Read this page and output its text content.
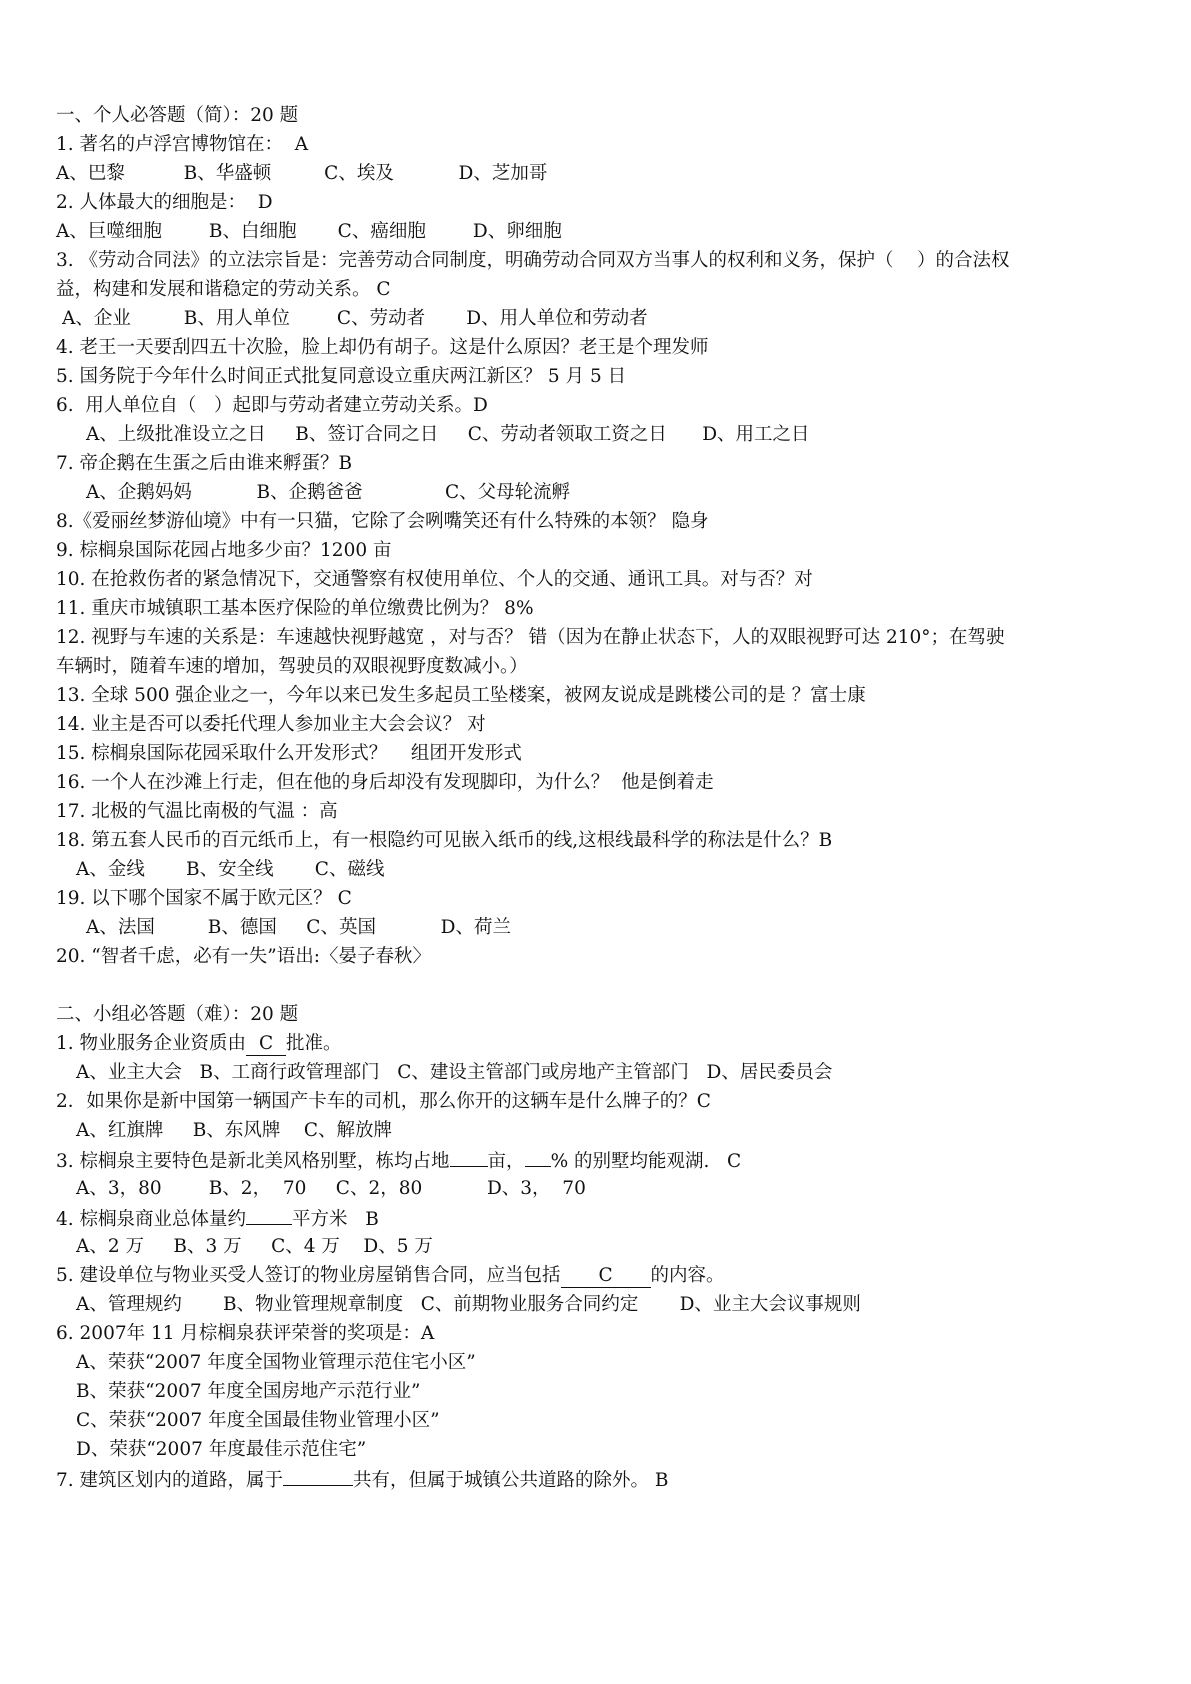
一、个人必答题（简）：20 题
1. 著名的卢浮宫博物馆在：  A
A、巴黎          B、华盛顿         C、埃及           D、芝加哥
2. 人体最大的细胞是：  D
A、巨噬细胞        B、白细胞       C、癌细胞        D、卵细胞
3. 《劳动合同法》的立法宗旨是：完善劳动合同制度，明确劳动合同双方当事人的权利和义务，保护（    ）的合法权
益，构建和发展和谐稳定的劳动关系。 C
A、企业         B、用人单位        C、劳动者       D、用人单位和劳动者
4. 老王一天要刮四五十次脸，脸上却仍有胡子。这是什么原因？老王是个理发师
5. 国务院于今年什么时间正式批复同意设立重庆两江新区？ 5 月 5 日
6.  用人单位自（   ）起即与劳动者建立劳动关系。D
A、上级批准设立之日     B、签订合同之日     C、劳动者领取工资之日      D、用工之日
7. 帝企鹅在生蛋之后由谁来孵蛋？B
A、企鹅妈妈           B、企鹅爸爸              C、父母轮流孵
8.《爱丽丝梦游仙境》中有一只猫，它除了会咧嘴笑还有什么特殊的本领？ 隐身
9. 棕榈泉国际花园占地多少亩？1200 亩
10. 在抢救伤者的紧急情况下，交通警察有权使用单位、个人的交通、通讯工具。对与否？对
11. 重庆市城镇职工基本医疗保险的单位缴费比例为？ 8%
12. 视野与车速的关系是：车速越快视野越宽 ，对与否？ 错（因为在静止状态下，人的双眼视野可达 210°；在驾驶
车辆时，随着车速的增加，驾驶员的双眼视野度数减小。）
13. 全球 500 强企业之一，今年以来已发生多起员工坠楼案，被网友说成是跳楼公司的是 ？富士康
14. 业主是否可以委托代理人参加业主大会会议？ 对
15. 棕榈泉国际花园采取什么开发形式？    组团开发形式
16. 一个人在沙滩上行走，但在他的身后却没有发现脚印，为什么？  他是倒着走
17. 北极的气温比南极的气温 ：高
18. 第五套人民币的百元纸币上，有一根隐约可见嵌入纸币的线,这根线最科学的称法是什么？B
A、金线       B、安全线       C、磁线
19. 以下哪个国家不属于欧元区？ C
A、法国         B、德国     C、英国           D、荷兰
20. “智者千虑，必有一失”语出:〈晏子春秋〉
二、小组必答题（难）：20 题
1. 物业服务企业资质由 C 批准。
A、业主大会   B、工商行政管理部门   C、建设主管部门或房地产主管部门   D、居民委员会
2．如果你是新中国第一辆国产卡车的司机，那么你开的这辆车是什么牌子的？C
A、红旗牌     B、东风牌    C、解放牌
3. 棕榈泉主要特色是新北美风格别墅，栋均占地 亩， % 的别墅均能观湖.   C
A、3，80        B、2，  70     C、2，80           D、3，  70
4. 棕榈泉商业总体量约 平方米   B
A、2 万     B、3 万     C、4 万    D、5 万
5. 建设单位与物业买受人签订的物业房屋销售合同，应当包括 C 的内容。
A、管理规约       B、物业管理规章制度   C、前期物业服务合同约定       D、业主大会议事规则
6. 2007年 11 月棕榈泉获评荣誉的奖项是：A
A、荣获“2007 年度全国物业管理示范住宅小区”
B、荣获“2007 年度全国房地产示范行业”
C、荣获“2007 年度全国最佳物业管理小区”
D、荣获“2007 年度最佳示范住宅”
7. 建筑区划内的道路，属于	共有，但属于城镇公共道路的除外。 B
